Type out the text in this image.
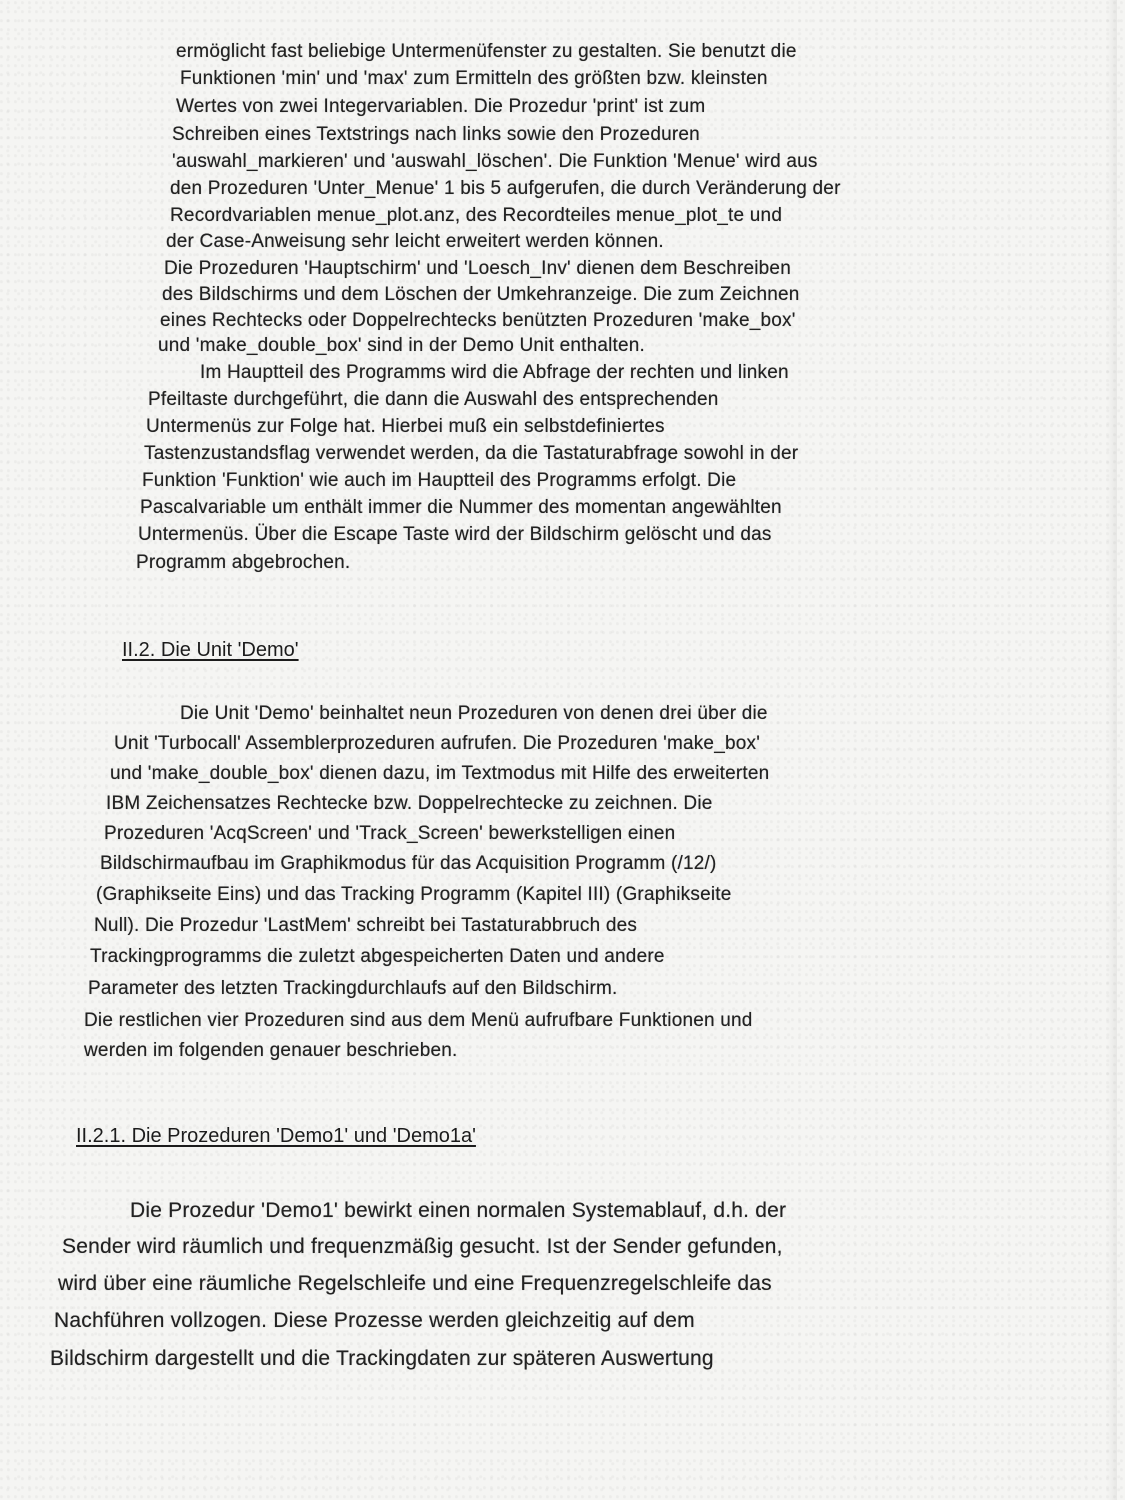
ermöglicht fast beliebige Untermenüfenster zu gestalten. Sie benutzt die
Funktionen 'min' und 'max' zum Ermitteln des größten bzw. kleinsten
Wertes von zwei Integervariablen. Die Prozedur 'print' ist zum
Schreiben eines Textstrings nach links sowie den Prozeduren
'auswahl_markieren' und 'auswahl_löschen'. Die Funktion 'Menue' wird aus
den Prozeduren 'Unter_Menue' 1 bis 5 aufgerufen, die durch Veränderung der
Recordvariablen menue_plot.anz, des Recordteiles menue_plot_te und
der Case-Anweisung sehr leicht erweitert werden können.
Die Prozeduren 'Hauptschirm' und 'Loesch_Inv' dienen dem Beschreiben
des Bildschirms und dem Löschen der Umkehranzeige. Die zum Zeichnen
eines Rechtecks oder Doppelrechtecks benützten Prozeduren 'make_box'
und 'make_double_box' sind in der Demo Unit enthalten.
Im Hauptteil des Programms wird die Abfrage der rechten und linken
Pfeiltaste durchgeführt, die dann die Auswahl des entsprechenden
Untermenüs zur Folge hat. Hierbei muß ein selbstdefiniertes
Tastenzustandsflag verwendet werden, da die Tastaturabfrage sowohl in der
Funktion 'Funktion' wie auch im Hauptteil des Programms erfolgt. Die
Pascalvariable um enthält immer die Nummer des momentan angewählten
Untermenüs. Über die Escape Taste wird der Bildschirm gelöscht und das
Programm abgebrochen.
II.2. Die Unit 'Demo'
Die Unit 'Demo' beinhaltet neun Prozeduren von denen drei über die
Unit 'Turbocall' Assemblerprozeduren aufrufen. Die Prozeduren 'make_box'
und 'make_double_box' dienen dazu, im Textmodus mit Hilfe des erweiterten
IBM Zeichensatzes Rechtecke bzw. Doppelrechtecke zu zeichnen. Die
Prozeduren 'AcqScreen' und 'Track_Screen' bewerkstelligen einen
Bildschirmaufbau im Graphikmodus für das Acquisition Programm (/12/)
(Graphikseite Eins) und das Tracking Programm (Kapitel III) (Graphikseite
Null). Die Prozedur 'LastMem' schreibt bei Tastaturabbruch des
Trackingprogramms die zuletzt abgespeicherten Daten und andere
Parameter des letzten Trackingdurchlaufs auf den Bildschirm.
Die restlichen vier Prozeduren sind aus dem Menü aufrufbare Funktionen und
werden im folgenden genauer beschrieben.
II.2.1. Die Prozeduren 'Demo1' und 'Demo1a'
Die Prozedur 'Demo1' bewirkt einen normalen Systemablauf, d.h. der
Sender wird räumlich und frequenzmäßig gesucht. Ist der Sender gefunden,
wird über eine räumliche Regelschleife und eine Frequenzregelschleife das
Nachführen vollzogen. Diese Prozesse werden gleichzeitig auf dem
Bildschirm dargestellt und die Trackingdaten zur späteren Auswertung
